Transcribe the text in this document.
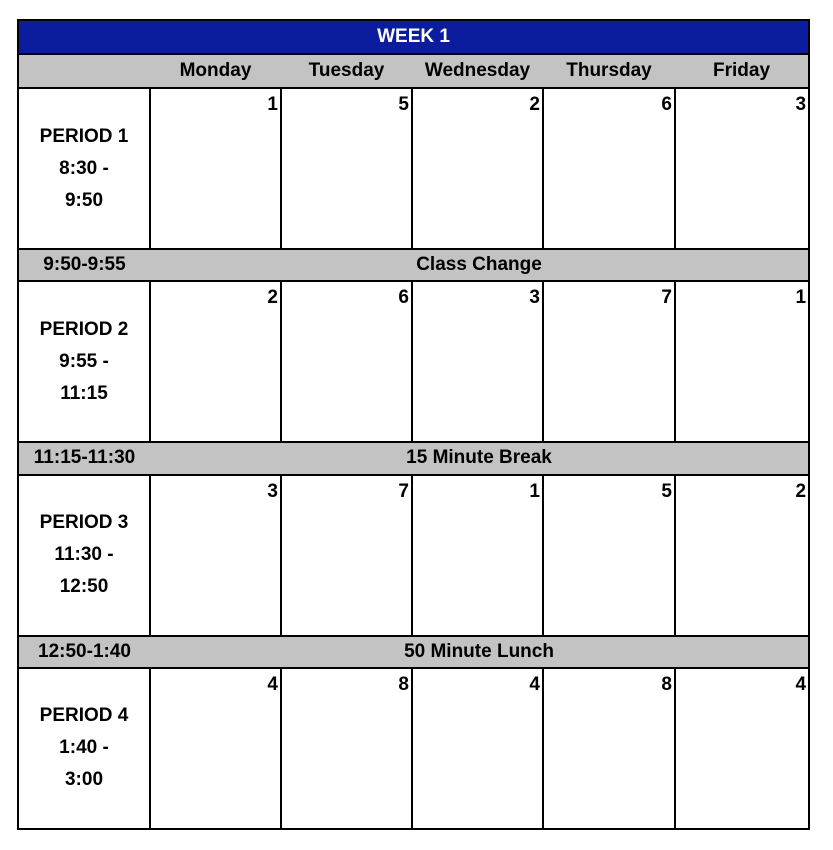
WEEK 1					
	Monday	Tuesday	Wednesday	Thursday	Friday

PERIOD 1
8:30 -
9:50	1	5	2	6	3
9:50-9:55	Class Change				

PERIOD 2
9:55 -
11:15	2	6	3	7	1
11:15-11:30	15 Minute Break				

PERIOD 3
11:30 -
12:50	3	7	1	5	2
12:50-1:40	50 Minute Lunch				

PERIOD 4
1:40 -
3:00	4	8	4	8	4
